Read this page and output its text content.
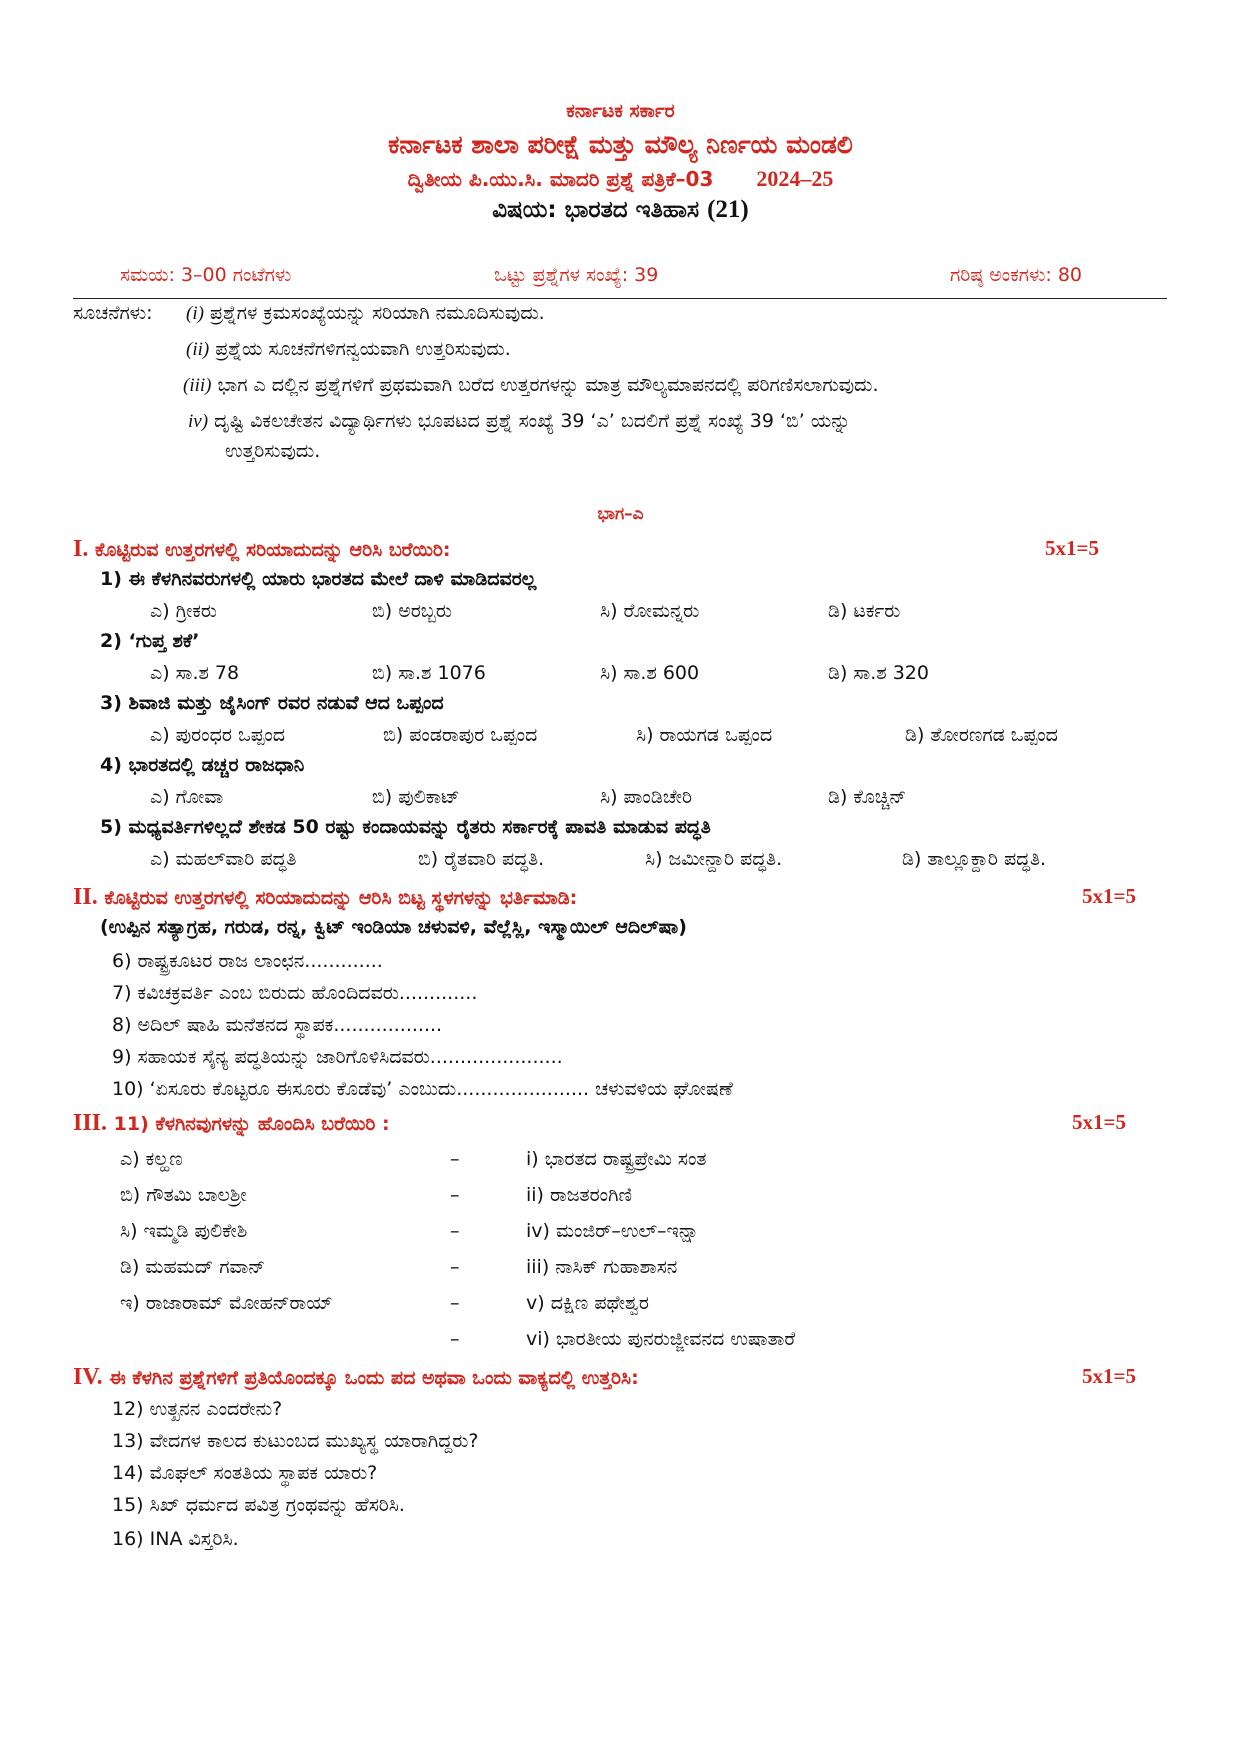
ಕರ್ನಾಟಕ ಸರ್ಕಾರ
ಕರ್ನಾಟಕ ಶಾಲಾ ಪರೀಕ್ಷೆ ಮತ್ತು ಮೌಲ್ಯ ನಿರ್ಣಯ ಮಂಡಲಿ
ದ್ವಿತೀಯ ಪಿ.ಯು.ಸಿ. ಮಾದರಿ ಪ್ರಶ್ನೆ ಪತ್ರಿಕೆ–03 2024–25
ವಿಷಯ: ಭಾರತದ ಇತಿಹಾಸ (21)
ಸಮಯ: 3–00 ಗಂಟೆಗಳು	ಒಟ್ಟು ಪ್ರಶ್ನೆಗಳ ಸಂಖ್ಯೆ: 39	ಗರಿಷ್ಠ ಅಂಕಗಳು: 80
ಸೂಚನೆಗಳು: (i) ಪ್ರಶ್ನೆಗಳ ಕ್ರಮಸಂಖ್ಯೆಯನ್ನು ಸರಿಯಾಗಿ ನಮೂದಿಸುವುದು.
(ii) ಪ್ರಶ್ನೆಯ ಸೂಚನೆಗಳಿಗನ್ವಯವಾಗಿ ಉತ್ತರಿಸುವುದು.
(iii) ಭಾಗ ಎ ದಲ್ಲಿನ ಪ್ರಶ್ನೆಗಳಿಗೆ ಪ್ರಥಮವಾಗಿ ಬರೆದ ಉತ್ತರಗಳನ್ನು ಮಾತ್ರ ಮೌಲ್ಯಮಾಪನದಲ್ಲಿ ಪರಿಗಣಿಸಲಾಗುವುದು.
iv) ದೃಷ್ಟಿ ವಿಕಲಚೇತನ ವಿದ್ಯಾರ್ಥಿಗಳು ಭೂಪಟದ ಪ್ರಶ್ನೆ ಸಂಖ್ಯೆ 39 ‘ಎ’ ಬದಲಿಗೆ ಪ್ರಶ್ನೆ ಸಂಖ್ಯೆ 39 ‘ಬಿ’ ಯನ್ನು
ಉತ್ತರಿಸುವುದು.
ಭಾಗ–ಎ
I. ಕೊಟ್ಟಿರುವ ಉತ್ತರಗಳಲ್ಲಿ ಸರಿಯಾದುದನ್ನು ಆರಿಸಿ ಬರೆಯಿರಿ:	5x1=5
1) ಈ ಕೆಳಗಿನವರುಗಳಲ್ಲಿ ಯಾರು ಭಾರತದ ಮೇಲೆ ದಾಳಿ ಮಾಡಿದವರಲ್ಲ
ಎ) ಗ್ರೀಕರು	ಬಿ) ಅರಬ್ಬರು	ಸಿ) ರೋಮನ್ನರು	ಡಿ) ಟರ್ಕರು
2) ‘ಗುಪ್ತ ಶಕೆ’
ಎ) ಸಾ.ಶ 78	ಬಿ) ಸಾ.ಶ 1076	ಸಿ) ಸಾ.ಶ 600	ಡಿ) ಸಾ.ಶ 320
3) ಶಿವಾಜಿ ಮತ್ತು ಜೈಸಿಂಗ್ ರವರ ನಡುವೆ ಆದ ಒಪ್ಪಂದ
ಎ) ಪುರಂಧರ ಒಪ್ಪಂದ	ಬಿ) ಪಂಡರಾಪುರ ಒಪ್ಪಂದ	ಸಿ) ರಾಯಗಡ ಒಪ್ಪಂದ	ಡಿ) ತೋರಣಗಡ ಒಪ್ಪಂದ
4) ಭಾರತದಲ್ಲಿ ಡಚ್ಚರ ರಾಜಧಾನಿ
ಎ) ಗೋವಾ	ಬಿ) ಪುಲಿಕಾಟ್	ಸಿ) ಪಾಂಡಿಚೇರಿ	ಡಿ) ಕೊಚ್ಚಿನ್
5) ಮಧ್ಯವರ್ತಿಗಳಿಲ್ಲದೆ ಶೇಕಡ 50 ರಷ್ಟು ಕಂದಾಯವನ್ನು ರೈತರು ಸರ್ಕಾರಕ್ಕೆ ಪಾವತಿ ಮಾಡುವ ಪದ್ಧತಿ
ಎ) ಮಹಲ್‌ವಾರಿ ಪದ್ಧತಿ	ಬಿ) ರೈತವಾರಿ ಪದ್ಧತಿ.	ಸಿ) ಜಮೀನ್ದಾರಿ ಪದ್ಧತಿ.	ಡಿ) ತಾಲ್ಲೂಕ್ದಾರಿ ಪದ್ಧತಿ.
II. ಕೊಟ್ಟಿರುವ ಉತ್ತರಗಳಲ್ಲಿ ಸರಿಯಾದುದನ್ನು ಆರಿಸಿ ಬಿಟ್ಟ ಸ್ಥಳಗಳನ್ನು ಭರ್ತಿಮಾಡಿ:	5x1=5
(ಉಪ್ಪಿನ ಸತ್ಯಾಗ್ರಹ, ಗರುಡ, ರನ್ನ, ಕ್ವಿಟ್ ಇಂಡಿಯಾ ಚಳುವಳಿ, ವೆಲ್ಲೆಸ್ಲಿ, ಇಸ್ಮಾಯಿಲ್ ಆದಿಲ್‌ಷಾ)
6) ರಾಷ್ಟ್ರಕೂಟರ ರಾಜ ಲಾಂಛನ.............
7) ಕವಿಚಕ್ರವರ್ತಿ ಎಂಬ ಬಿರುದು ಹೊಂದಿದವರು.............
8) ಅದಿಲ್ ಷಾಹಿ ಮನೆತನದ ಸ್ಥಾಪಕ..................
9) ಸಹಾಯಕ ಸೈನ್ಯ ಪದ್ಧತಿಯನ್ನು ಜಾರಿಗೊಳಿಸಿದವರು......................
10) ‘ಏಸೂರು ಕೊಟ್ಟರೂ ಈಸೂರು ಕೊಡೆವು’ ಎಂಬುದು...................... ಚಳುವಳಿಯ ಘೋಷಣೆ
III. 11) ಕೆಳಗಿನವುಗಳನ್ನು ಹೊಂದಿಸಿ ಬರೆಯಿರಿ :	5x1=5
ಎ) ಕಲ್ಹಣ	–	i) ಭಾರತದ ರಾಷ್ಟ್ರಪ್ರೇಮಿ ಸಂತ
ಬಿ) ಗೌತಮಿ ಬಾಲಶ್ರೀ	–	ii) ರಾಜತರಂಗಿಣಿ
ಸಿ) ಇಮ್ಮಡಿ ಪುಲಿಕೇಶಿ	–	iv) ಮಂಜಿರ್–ಉಲ್–ಇನ್ಷಾ
ಡಿ) ಮಹಮದ್ ಗವಾನ್	–	iii) ನಾಸಿಕ್ ಗುಹಾಶಾಸನ
ಇ) ರಾಜಾರಾಮ್ ಮೋಹನ್‌ರಾಯ್	–	v) ದಕ್ಷಿಣ ಪಥೇಶ್ವರ
–	vi) ಭಾರತೀಯ ಪುನರುಜ್ಜೀವನದ ಉಷಾತಾರೆ
IV. ಈ ಕೆಳಗಿನ ಪ್ರಶ್ನೆಗಳಿಗೆ ಪ್ರತಿಯೊಂದಕ್ಕೂ ಒಂದು ಪದ ಅಥವಾ ಒಂದು ವಾಕ್ಯದಲ್ಲಿ ಉತ್ತರಿಸಿ:	5x1=5
12) ಉತ್ಖನನ ಎಂದರೇನು?
13) ವೇದಗಳ ಕಾಲದ ಕುಟುಂಬದ ಮುಖ್ಯಸ್ಥ ಯಾರಾಗಿದ್ದರು?
14) ಮೊಘಲ್ ಸಂತತಿಯ ಸ್ಥಾಪಕ ಯಾರು?
15) ಸಿಖ್ ಧರ್ಮದ ಪವಿತ್ರ ಗ್ರಂಥವನ್ನು ಹೆಸರಿಸಿ.
16) INA ವಿಸ್ತರಿಸಿ.
